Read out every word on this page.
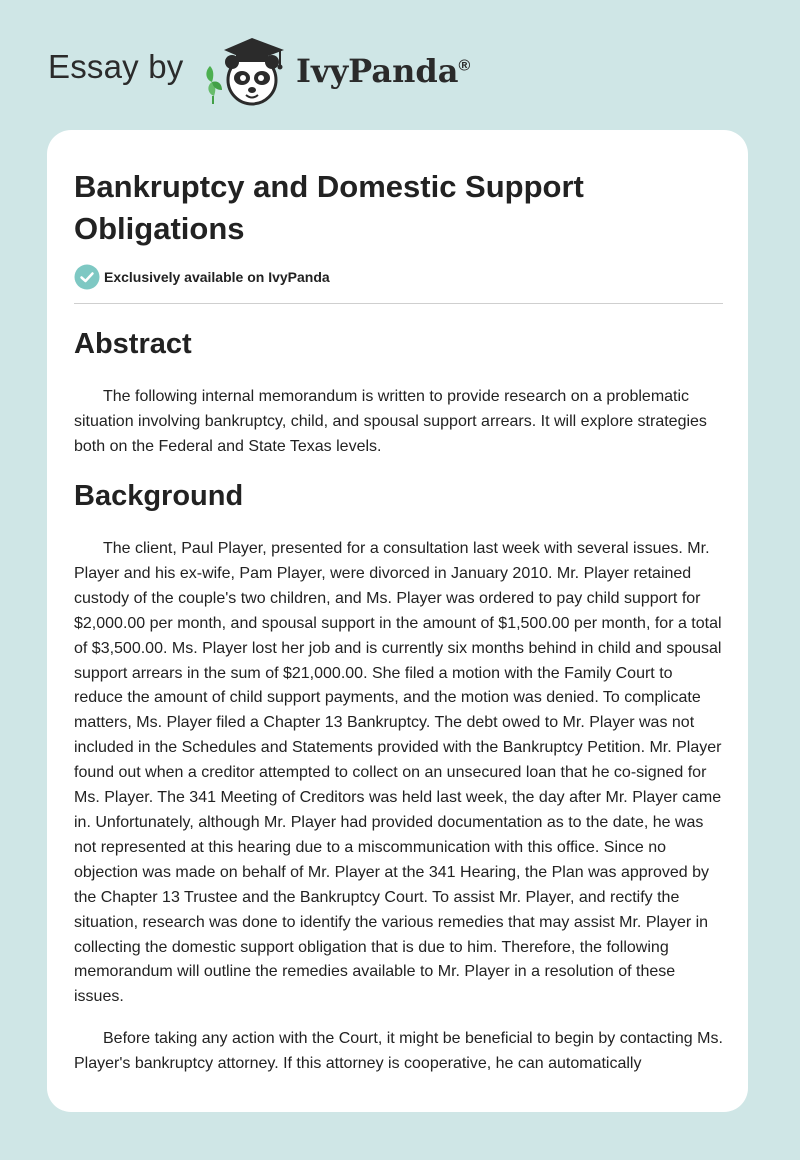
Essay by	IvyPanda®
Bankruptcy and Domestic Support Obligations
Exclusively available on IvyPanda
Abstract

The following internal memorandum is written to provide research on a problematic situation involving bankruptcy, child, and spousal support arrears. It will explore strategies both on the Federal and State Texas levels.

Background

The client, Paul Player, presented for a consultation last week with several issues. Mr. Player and his ex-wife, Pam Player, were divorced in January 2010. Mr. Player retained custody of the couple's two children, and Ms. Player was ordered to pay child support for $2,000.00 per month, and spousal support in the amount of $1,500.00 per month, for a total of $3,500.00. Ms. Player lost her job and is currently six months behind in child and spousal support arrears in the sum of $21,000.00. She filed a motion with the Family Court to reduce the amount of child support payments, and the motion was denied. To complicate matters, Ms. Player filed a Chapter 13 Bankruptcy. The debt owed to Mr. Player was not included in the Schedules and Statements provided with the Bankruptcy Petition. Mr. Player found out when a creditor attempted to collect on an unsecured loan that he co-signed for Ms. Player. The 341 Meeting of Creditors was held last week, the day after Mr. Player came in. Unfortunately, although Mr. Player had provided documentation as to the date, he was not represented at this hearing due to a miscommunication with this office. Since no objection was made on behalf of Mr. Player at the 341 Hearing, the Plan was approved by the Chapter 13 Trustee and the Bankruptcy Court. To assist Mr. Player, and rectify the situation, research was done to identify the various remedies that may assist Mr. Player in collecting the domestic support obligation that is due to him. Therefore, the following memorandum will outline the remedies available to Mr. Player in a resolution of these issues.

Before taking any action with the Court, it might be beneficial to begin by contacting Ms. Player's bankruptcy attorney. If this attorney is cooperative, he can automatically
